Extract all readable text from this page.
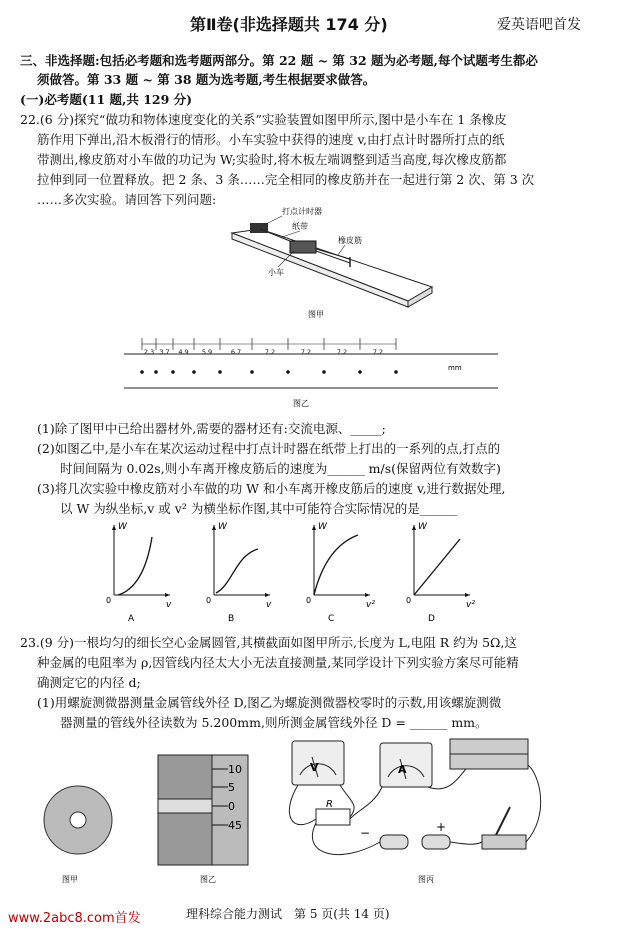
第Ⅱ卷(非选择题共 174 分)	爱英语吧首发
三、非选择题:包括必考题和选考题两部分。第 22 题 ~ 第 32 题为必考题,每个试题考生都必
须做答。第 33 题 ~ 第 38 题为选考题,考生根据要求做答。
(一)必考题(11 题,共 129 分)
22.(6 分)探究“做功和物体速度变化的关系”实验装置如图甲所示,图中是小车在 1 条橡皮
筋作用下弹出,沿木板滑行的情形。小车实验中获得的速度 v,由打点计时器所打点的纸
带测出,橡皮筋对小车做的功记为 W;实验时,将木板左端调整到适当高度,每次橡皮筋都
拉伸到同一位置释放。把 2 条、3 条……完全相同的橡皮筋并在一起进行第 2 次、第 3 次
……多次实验。请回答下列问题:
打点计时器
纸带
橡皮筋
小车
图甲
2.3 3.7 4.9 5.9	6.7	7.2	7.2	7.2	7.2
mm
图乙
(1)除了图甲中已给出器材外,需要的器材还有:交流电源、_____;
(2)如图乙中,是小车在某次运动过程中打点计时器在纸带上打出的一系列的点,打点的
时间间隔为 0.02s,则小车离开橡皮筋后的速度为______ m/s(保留两位有效数字)
(3)将几次实验中橡皮筋对小车做的功 W 和小车离开橡皮筋后的速度 v,进行数据处理,
以 W 为纵坐标,v 或 v² 为横坐标作图,其中可能符合实际情况的是______
W
0	v
A
W
0	v
B
W
0	v²
C
W
0	v²
D
23.(9 分)一根均匀的细长空心金属圆管,其横截面如图甲所示,长度为 L,电阻 R 约为 5Ω,这
种金属的电阻率为 ρ,因管线内径太大小无法直接测量,某同学设计下列实验方案尽可能精
确测定它的内径 d;
(1)用螺旋测微器测量金属管线外径 D,图乙为螺旋测微器校零时的示数,用该螺旋测微
器测量的管线外径读数为 5.200mm,则所测金属管线外径 D = ______ mm。
图甲
10
5
0
45
图乙
V	A
R
−	+
图丙
www.2abc8.com首发	理科综合能力测试　第 5 页(共 14 页)
